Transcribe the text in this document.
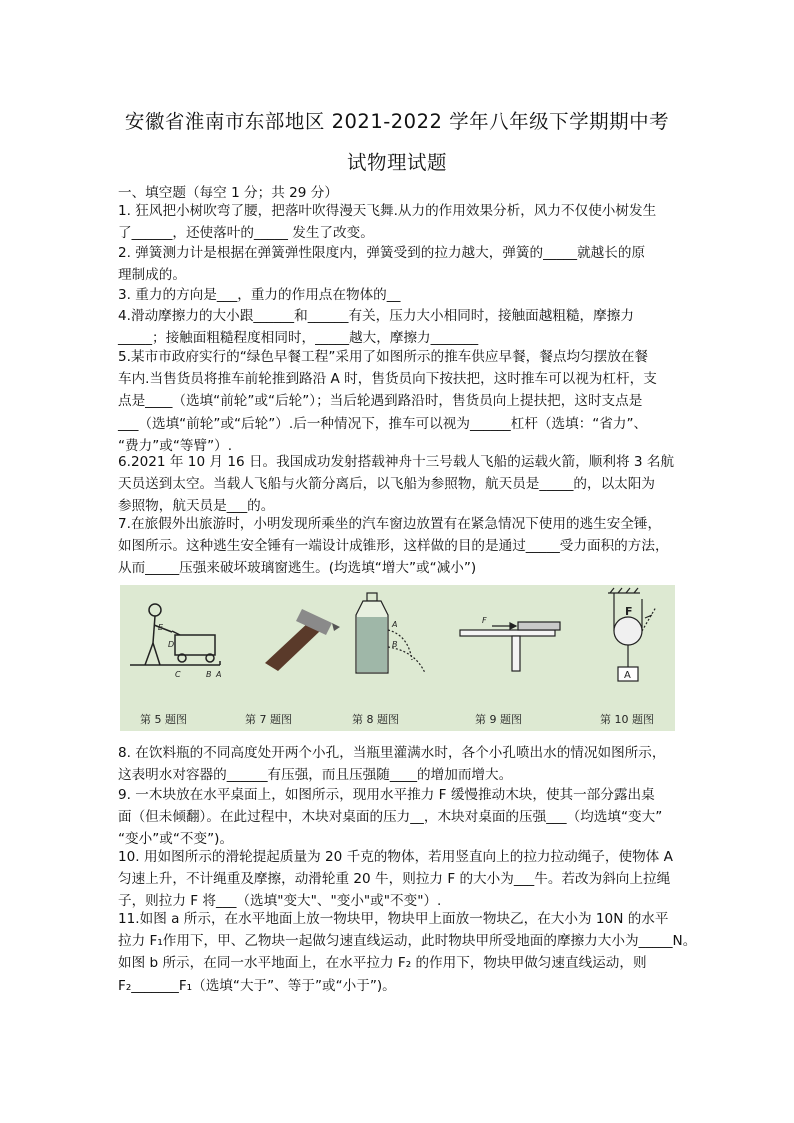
安徽省淮南市东部地区 2021-2022 学年八年级下学期期中考
试物理试题
一、填空题（每空 1 分；共 29 分）
1. 狂风把小树吹弯了腰，把落叶吹得漫天飞舞.从力的作用效果分析，风力不仅使小树发生
了______，还使落叶的_____ 发生了改变。
2. 弹簧测力计是根据在弹簧弹性限度内，弹簧受到的拉力越大，弹簧的_____就越长的原
理制成的。
3. 重力的方向是___，重力的作用点在物体的__
4.滑动摩擦力的大小跟______和______有关，压力大小相同时，接触面越粗糙，摩擦力
_____；接触面粗糙程度相同时，_____越大，摩擦力_______
5.某市市政府实行的“绿色早餐工程”采用了如图所示的推车供应早餐，餐点均匀摆放在餐
车内.当售货员将推车前轮推到路沿 A 时，售货员向下按扶把，这时推车可以视为杠杆，支
点是____（选填“前轮”或“后轮”）；当后轮遇到路沿时，售货员向上提扶把，这时支点是
___（选填“前轮”或“后轮”）.后一种情况下，推车可以视为______杠杆（选填：“省力”、
“费力”或“等臂”）.
6.2021 年 10 月 16 日。我国成功发射搭载神舟十三号载人飞船的运载火箭，顺利将 3 名航
天员送到太空。当载人飞船与火箭分离后，以飞船为参照物，航天员是_____的，以太阳为
参照物，航天员是___的。
7.在旅假外出旅游时，小明发现所乘坐的汽车窗边放置有在紧急情况下使用的逃生安全锤，
如图所示。这种逃生安全锤有一端设计成锥形，这样做的目的是通过_____受力面积的方法，
从而_____压强来破坏玻璃窗逃生。(均选填“增大”或“减小”)
E
D
C	B A
A
B
F
F
A
第 5 题图	第 7 题图	第 8 题图	第 9 题图	第 10 题图
8. 在饮料瓶的不同高度处开两个小孔，当瓶里灌满水时，各个小孔喷出水的情况如图所示，
这表明水对容器的______有压强，而且压强随____的增加而增大。
9. 一木块放在水平桌面上，如图所示，现用水平推力 F 缓慢推动木块，使其一部分露出桌
面（但未倾翻）。在此过程中，木块对桌面的压力__，木块对桌面的压强___（均选填“变大”
“变小”或“不变”)。
10. 用如图所示的滑轮提起质量为 20 千克的物体，若用竖直向上的拉力拉动绳子，使物体 A
匀速上升，不计绳重及摩擦，动滑轮重 20 牛，则拉力 F 的大小为___牛。若改为斜向上拉绳
子，则拉力 F 将___（选填"变大"、"变小"或"不变"）.
11.如图 a 所示，在水平地面上放一物块甲，物块甲上面放一物块乙，在大小为 10N 的水平
拉力 F₁作用下，甲、乙物块一起做匀速直线运动，此时物块甲所受地面的摩擦力大小为_____N。
如图 b 所示，在同一水平地面上，在水平拉力 F₂ 的作用下，物块甲做匀速直线运动，则
F₂_______F₁（选填“大于”、等于”或“小于”)。
